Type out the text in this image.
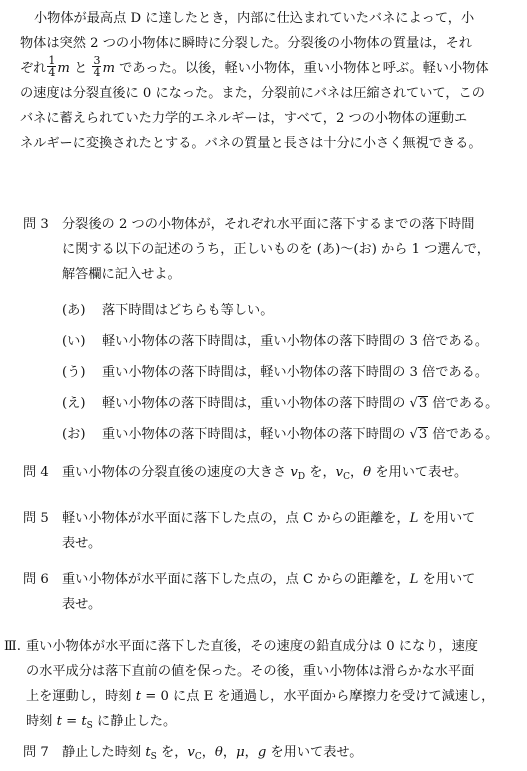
小物体が最高点 D に達したとき，内部に仕込まれていたバネによって，小
物体は突然 2 つの小物体に瞬時に分裂した。分裂後の小物体の質量は，それ
ぞれ $\frac{1}{4}$ m と $\frac{3}{4}$ m であった。以後，軽い小物体，重い小物体と呼ぶ。軽い小物体
の速度は分裂直後に 0 になった。また，分裂前にバネは圧縮されていて，この
バネに蓄えられていた力学的エネルギーは，すべて，2 つの小物体の運動エ
ネルギーに変換されたとする。バネの質量と長さは十分に小さく無視できる。
問 3 分裂後の 2 つの小物体が，それぞれ水平面に落下するまでの落下時間
に関する以下の記述のうち，正しいものを (あ)～(お) から 1 つ選んで，
解答欄に記入せよ。
(あ) 落下時間はどちらも等しい。
(い) 軽い小物体の落下時間は，重い小物体の落下時間の 3 倍である。
(う) 重い小物体の落下時間は，軽い小物体の落下時間の 3 倍である。
(え) 軽い小物体の落下時間は，重い小物体の落下時間の √3 倍である。
(お) 重い小物体の落下時間は，軽い小物体の落下時間の √3 倍である。
問 4 重い小物体の分裂直後の速度の大きさ $v_D$ を，$v_C$，θ を用いて表せ。
問 5 軽い小物体が水平面に落下した点の，点 C からの距離を，L を用いて
表せ。
問 6 重い小物体が水平面に落下した点の，点 C からの距離を，L を用いて
表せ。
Ⅲ. 重い小物体が水平面に落下した直後，その速度の鉛直成分は 0 になり，速度
の水平成分は落下直前の値を保った。その後，重い小物体は滑らかな水平面
上を運動し，時刻 t = 0 に点 E を通過し，水平面から摩擦力を受けて減速し，
時刻 $t = t_S$ に静止した。
問 7 静止した時刻 $t_S$ を，$v_C$，θ，μ，g を用いて表せ。
